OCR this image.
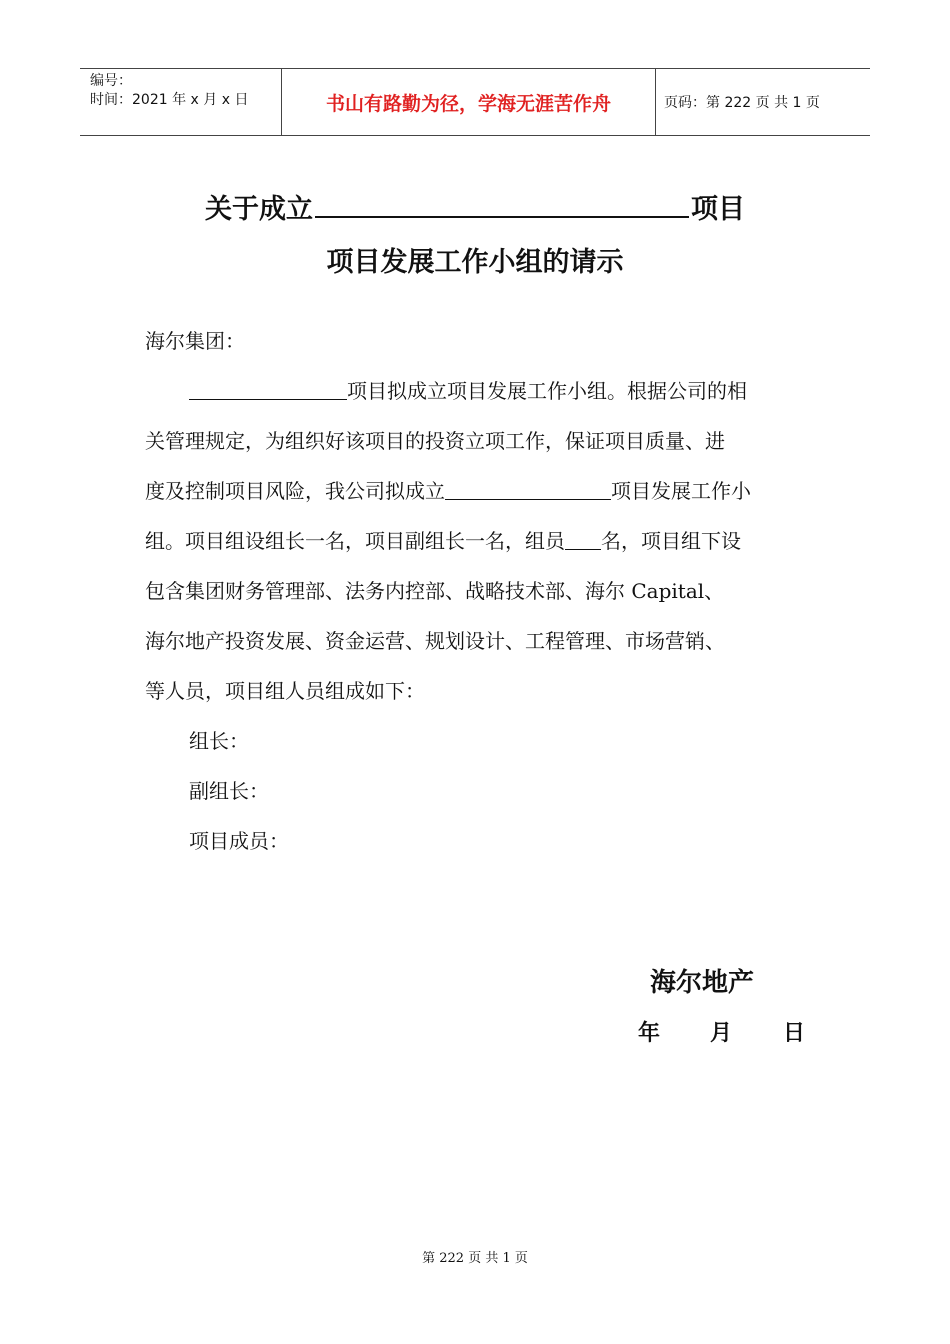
编号：
时间：2021 年 x 月 x 日	书山有路勤为径，学海无涯苦作舟	页码：第 222 页 共 1 页
关于成立	项目
项目发展工作小组的请示
海尔集团：
项目拟成立项目发展工作小组。根据公司的相
关管理规定，为组织好该项目的投资立项工作，保证项目质量、进
度及控制项目风险，我公司拟成立	项目发展工作小
组。项目组设组长一名，项目副组长一名，组员 名，项目组下设
包含集团财务管理部、法务内控部、战略技术部、海尔 Capital、
海尔地产投资发展、资金运营、规划设计、工程管理、市场营销、
等人员，项目组人员组成如下：
组长：
副组长：
项目成员：
海尔地产
年 月 日
第 222 页 共 1 页
